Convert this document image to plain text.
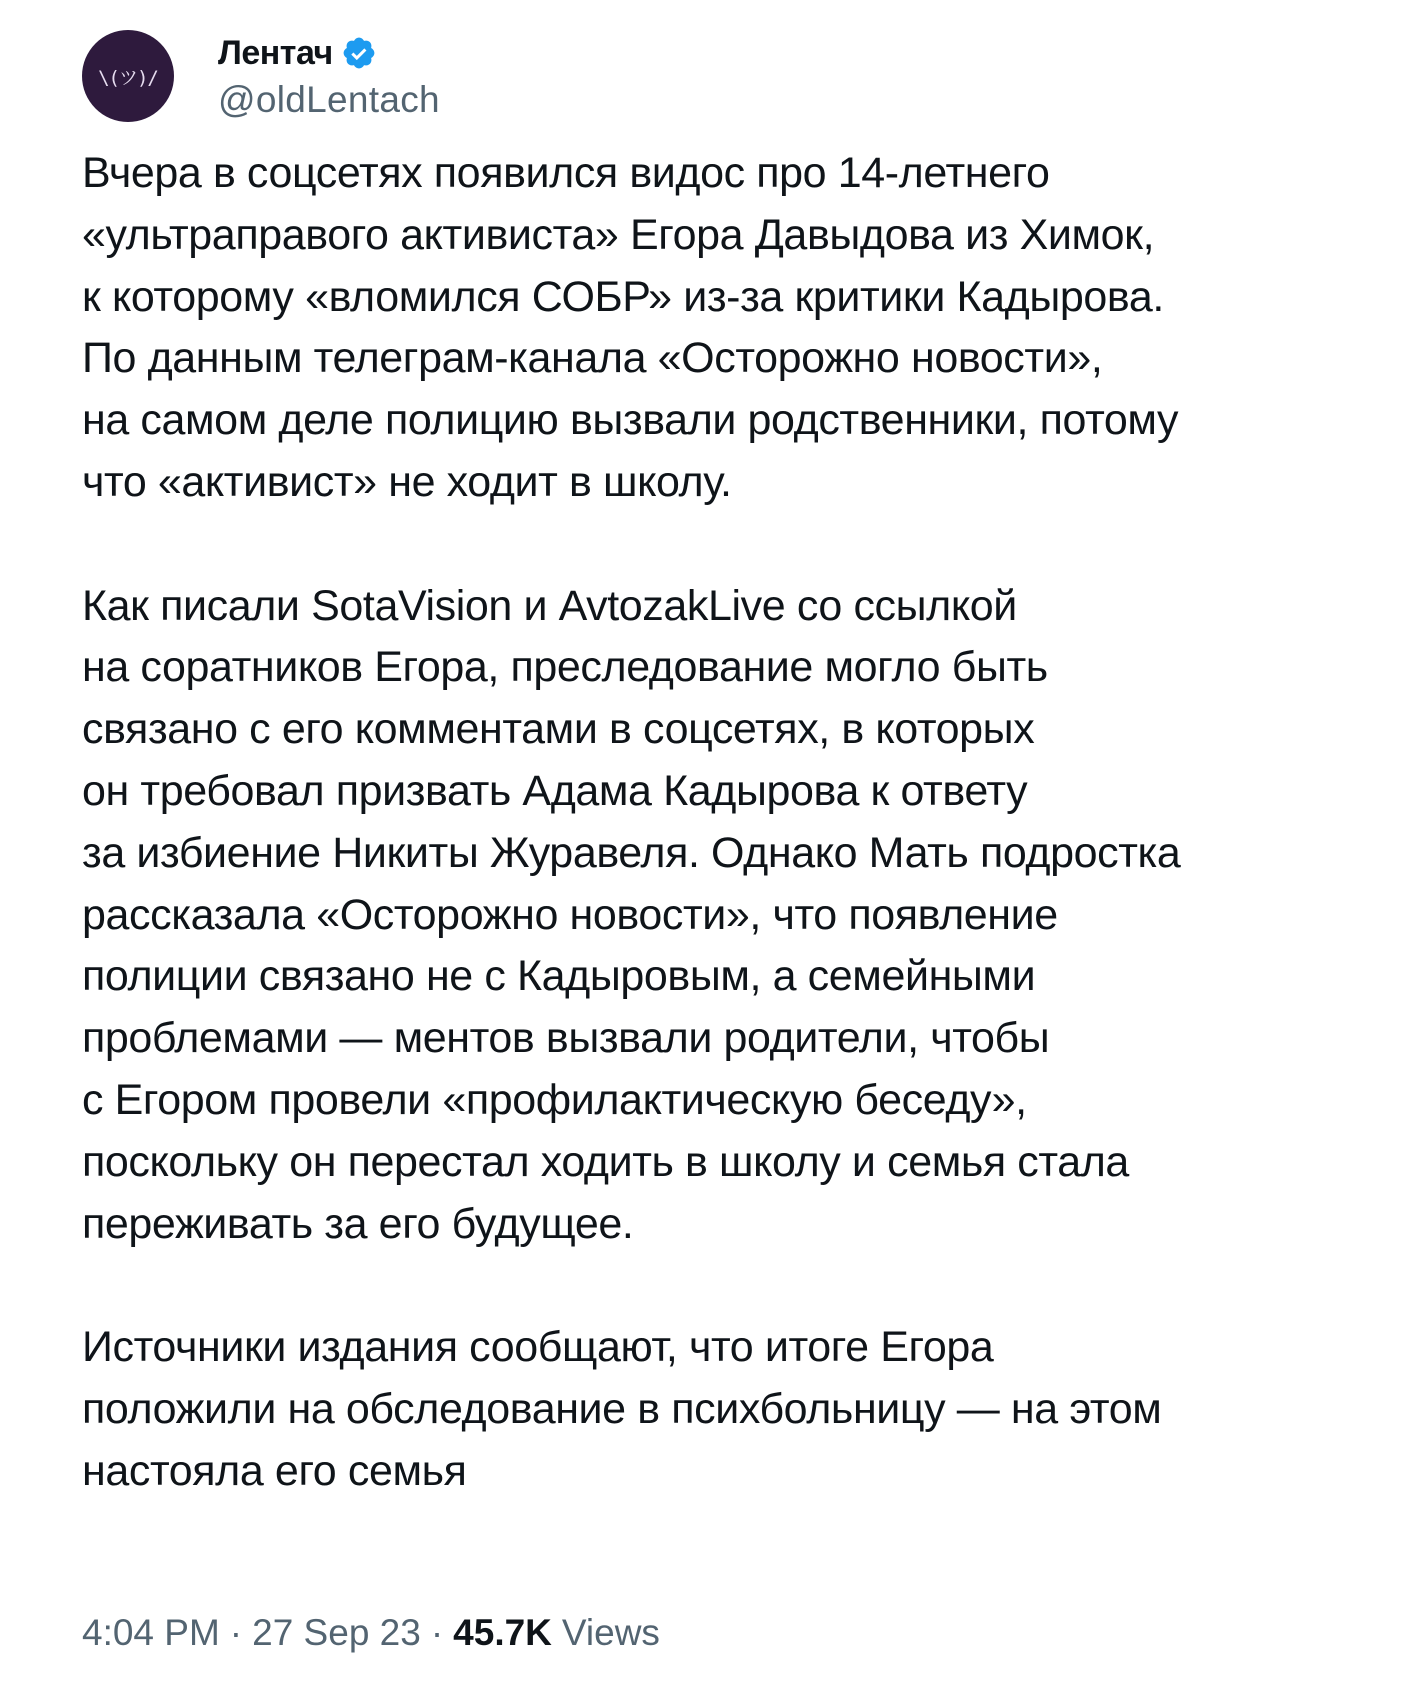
\(ツ)/
Лентач
@oldLentach
Вчера в соцсетях появился видос про 14-летнего
«ультраправого активиста» Егора Давыдова из Химок,
к которому «вломился СОБР» из-за критики Кадырова.
По данным телеграм-канала «Осторожно новости»,
на самом деле полицию вызвали родственники, потому
что «активист» не ходит в школу.

Как писали SotaVision и AvtozakLive со ссылкой
на соратников Егора, преследование могло быть
связано с его комментами в соцсетях, в которых
он требовал призвать Адама Кадырова к ответу
за избиение Никиты Журавеля. Однако Мать подростка
рассказала «Осторожно новости», что появление
полиции связано не с Кадыровым, а семейными
проблемами — ментов вызвали родители, чтобы
с Егором провели «профилактическую беседу»,
поскольку он перестал ходить в школу и семья стала
переживать за его будущее.

Источники издания сообщают, что итоге Егора
положили на обследование в психбольницу — на этом
настояла его семья
4:04 PM · 27 Sep 23 · 45.7K Views
